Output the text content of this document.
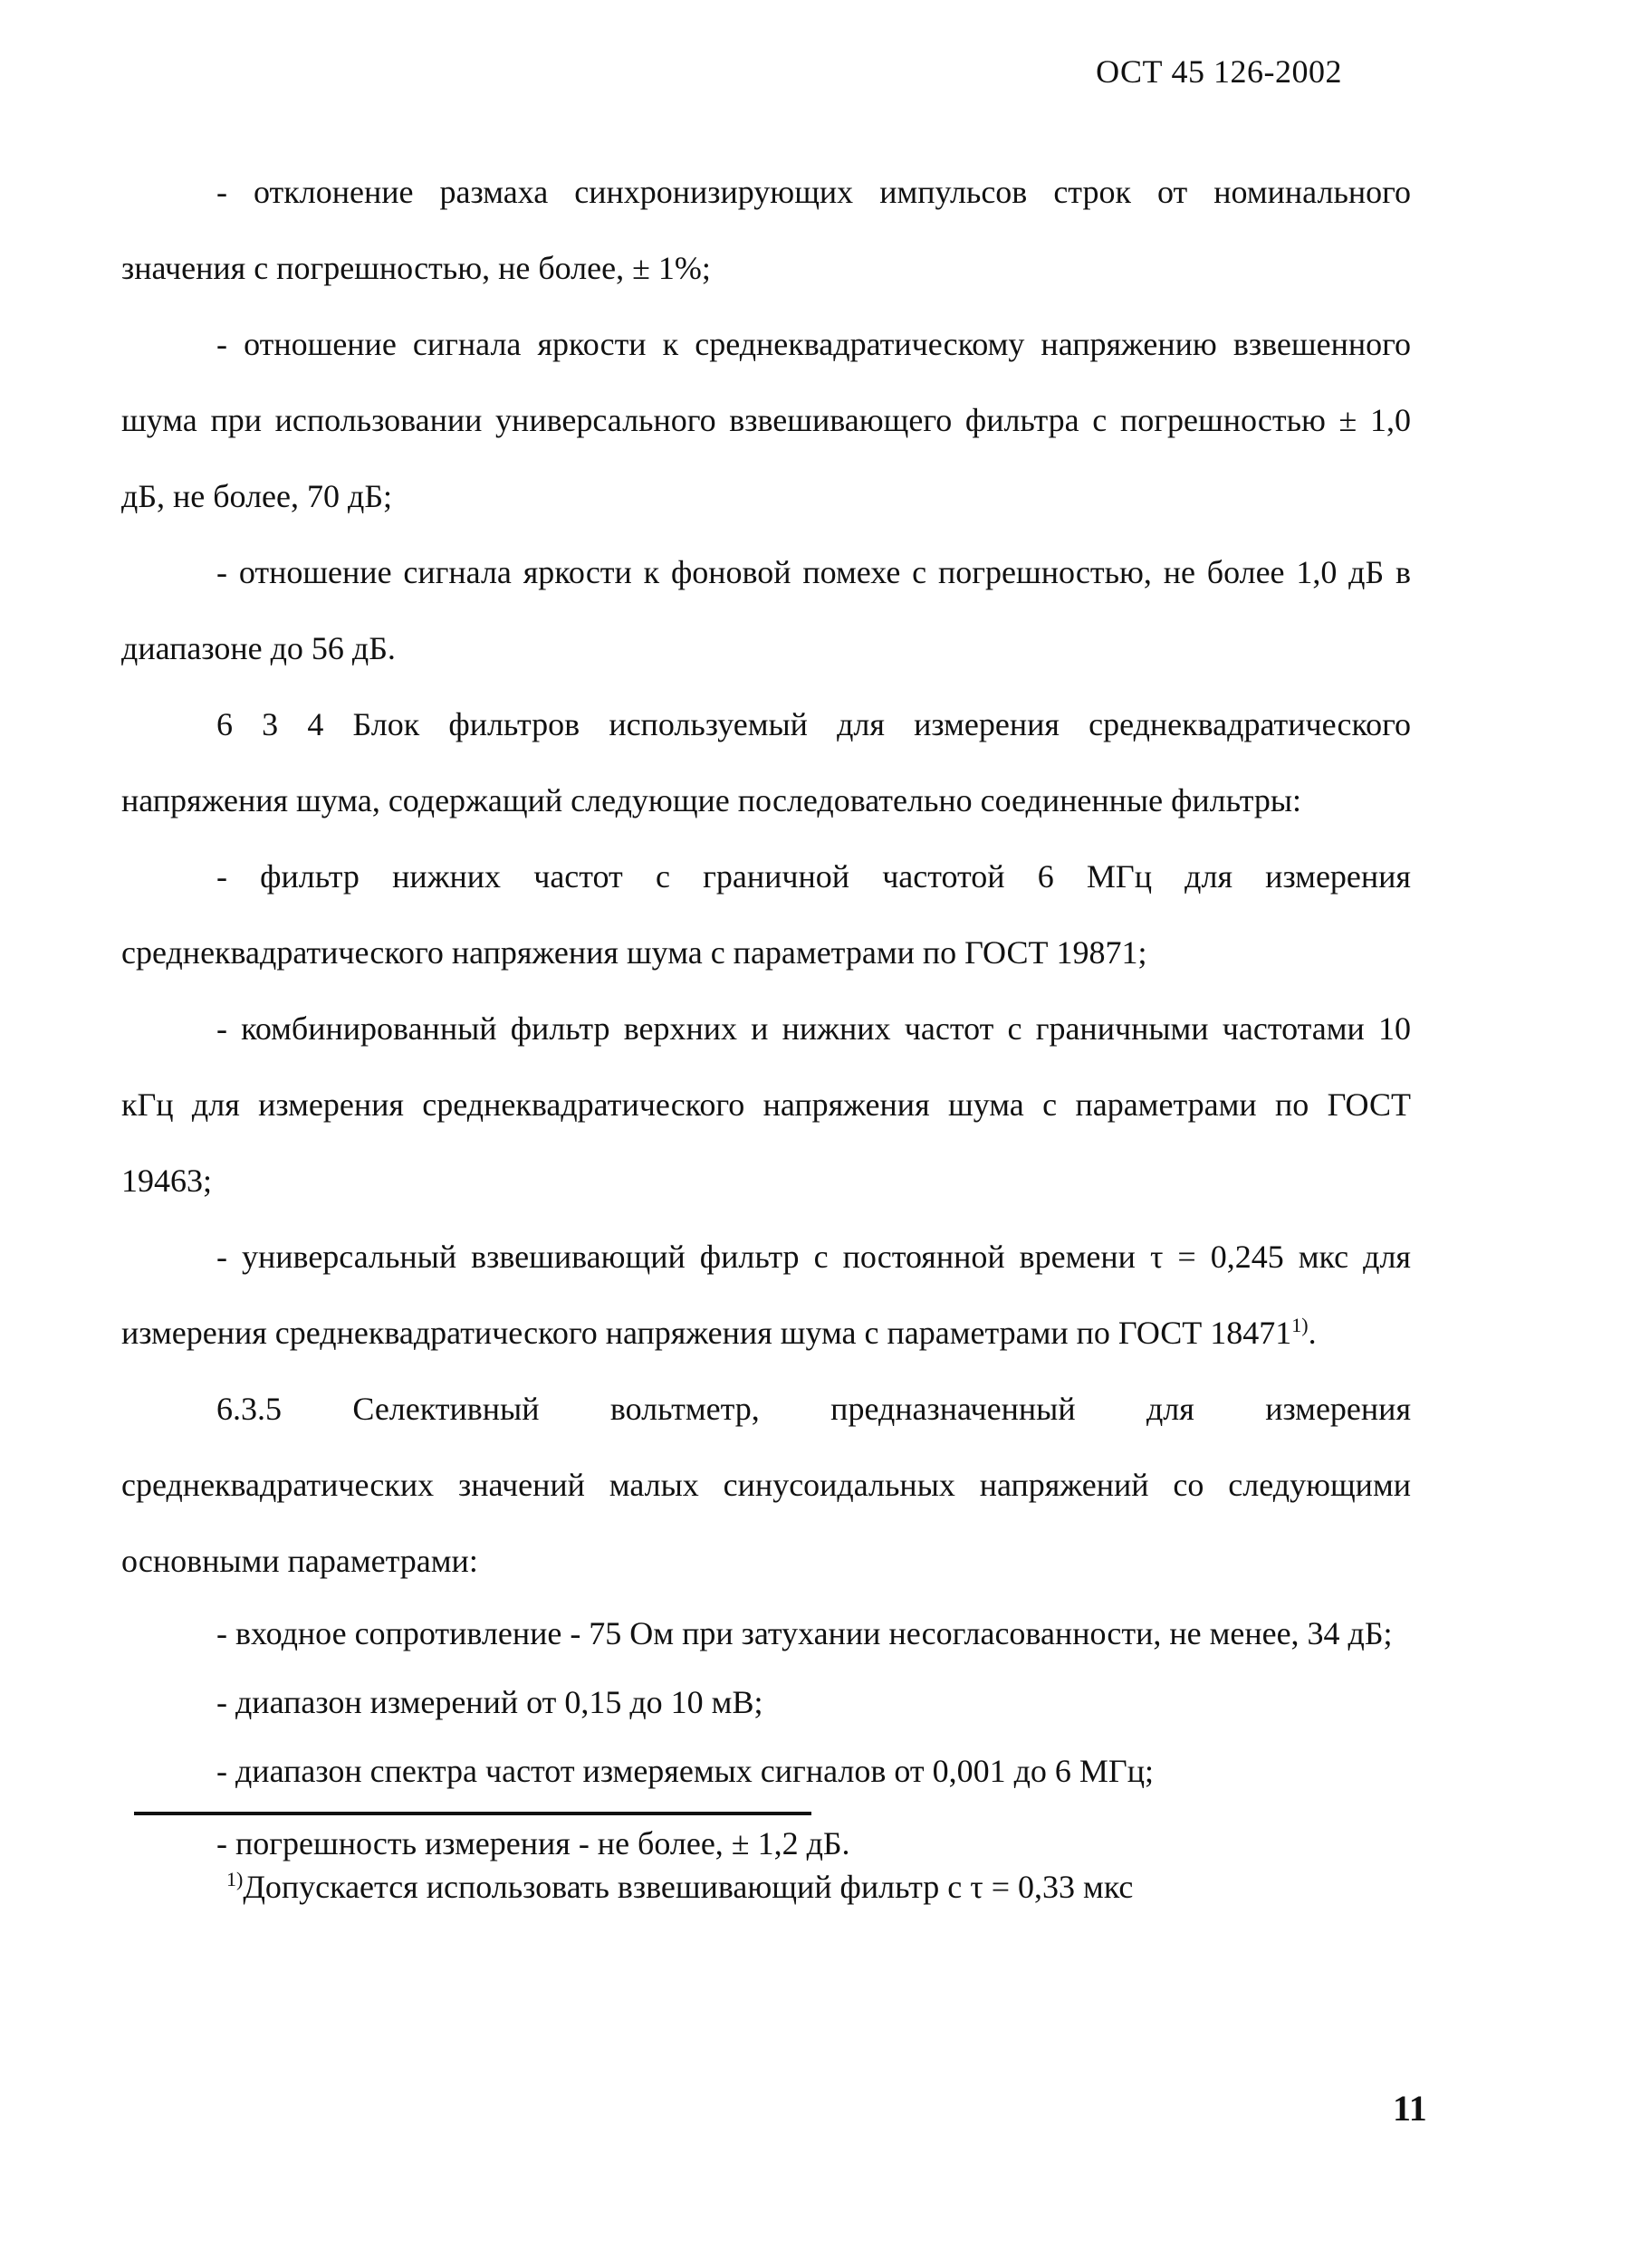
ОСТ 45 126-2002

- отклонение размаха синхронизирующих импульсов строк от номинального значения с погрешностью, не более, ± 1%;

- отношение сигнала яркости к среднеквадратическому напряжению взвешенного шума при использовании универсального взвешивающего фильтра с погрешностью ± 1,0 дБ, не более, 70 дБ;

- отношение сигнала яркости к фоновой помехе с погрешностью, не более 1,0 дБ в диапазоне до 56 дБ.

6 3 4 Блок фильтров используемый для измерения среднеквадратического напряжения шума, содержащий следующие последовательно соединенные фильтры:

- фильтр нижних частот с граничной частотой 6 МГц для измерения среднеквадратического напряжения шума с параметрами по ГОСТ 19871;

- комбинированный фильтр верхних и нижних частот с граничными частотами 10 кГц для измерения среднеквадратического напряжения шума с параметрами по ГОСТ 19463;

- универсальный взвешивающий фильтр с постоянной времени τ = 0,245 мкс для измерения среднеквадратического напряжения шума с параметрами по ГОСТ 18471$^{1)}$.

6.3.5 Селективный вольтметр, предназначенный для измерения среднеквадратических значений малых синусоидальных напряжений со следующими основными параметрами:

- входное сопротивление - 75 Ом при затухании несогласованности, не менее, 34 дБ;

- диапазон измерений от 0,15 до 10 мВ;

- диапазон спектра частот измеряемых сигналов от 0,001 до 6 МГц;

- погрешность измерения - не более, ± 1,2 дБ.

$^{1)}$Допускается использовать взвешивающий фильтр с τ = 0,33 мкс
11
